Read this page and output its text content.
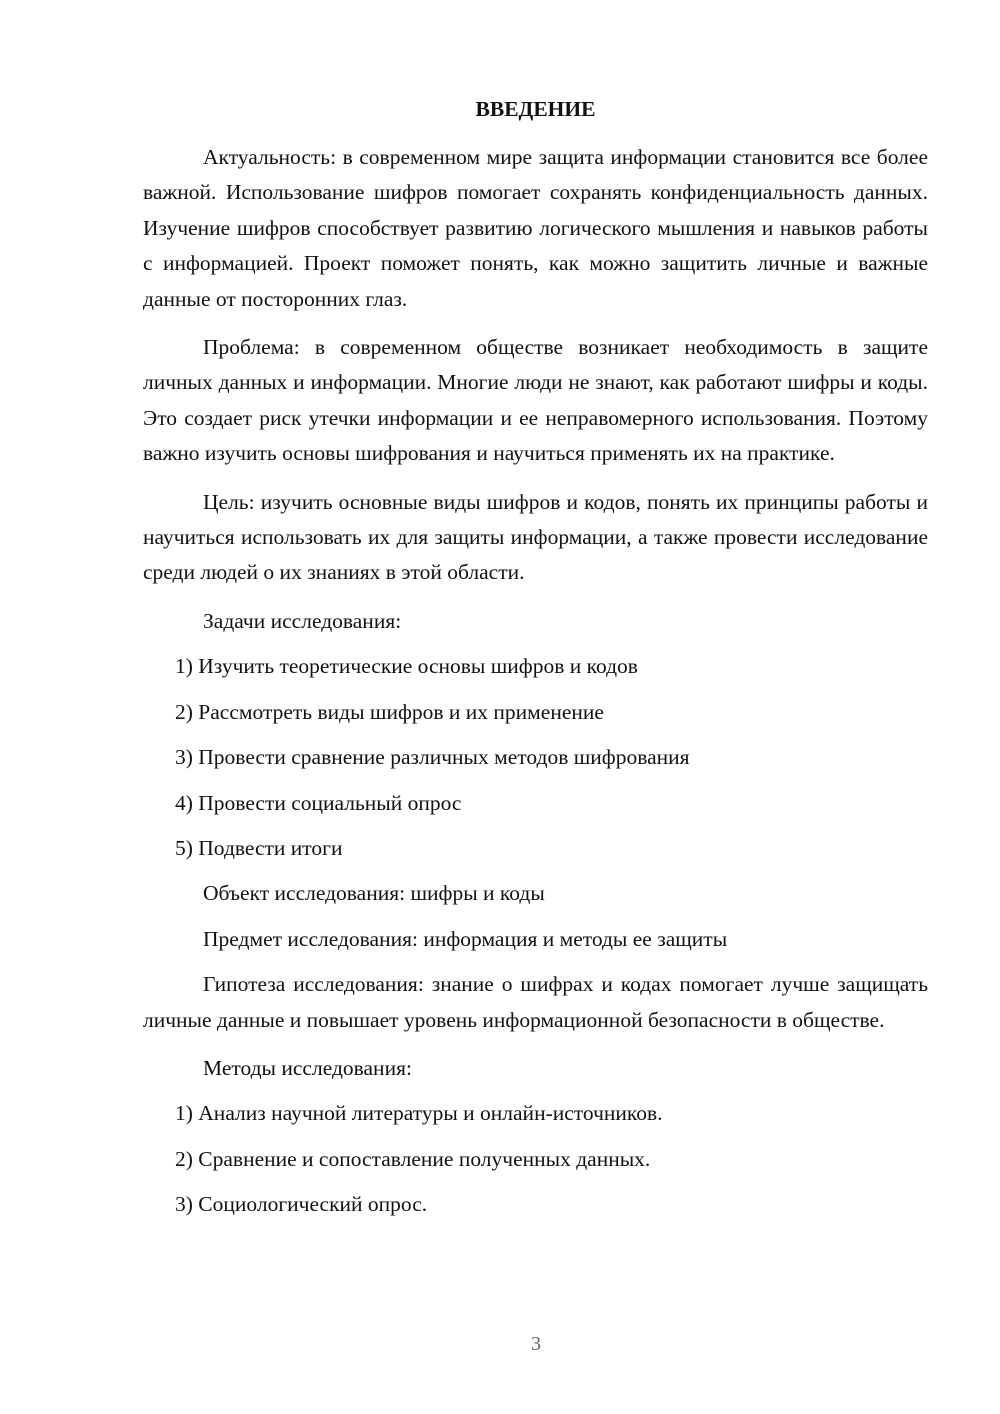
ВВЕДЕНИЕ

Актуальность: в современном мире защита информации становится все более важной. Использование шифров помогает сохранять конфиденциальность данных. Изучение шифров способствует развитию логического мышления и навыков работы с информацией. Проект поможет понять, как можно защитить личные и важные данные от посторонних глаз.

Проблема: в современном обществе возникает необходимость в защите личных данных и информации. Многие люди не знают, как работают шифры и коды. Это создает риск утечки информации и ее неправомерного использования. Поэтому важно изучить основы шифрования и научиться применять их на практике.

Цель: изучить основные виды шифров и кодов, понять их принципы работы и научиться использовать их для защиты информации, а также провести исследование среди людей о их знаниях в этой области.

Задачи исследования:
1) Изучить теоретические основы шифров и кодов
2) Рассмотреть виды шифров и их применение
3) Провести сравнение различных методов шифрования
4) Провести социальный опрос
5) Подвести итоги
Объект исследования: шифры и коды
Предмет исследования: информация и методы ее защиты

Гипотеза исследования: знание о шифрах и кодах помогает лучше защищать личные данные и повышает уровень информационной безопасности в обществе.

Методы исследования:
1) Анализ научной литературы и онлайн-источников.
2) Сравнение и сопоставление полученных данных.
3) Социологический опрос.
3
